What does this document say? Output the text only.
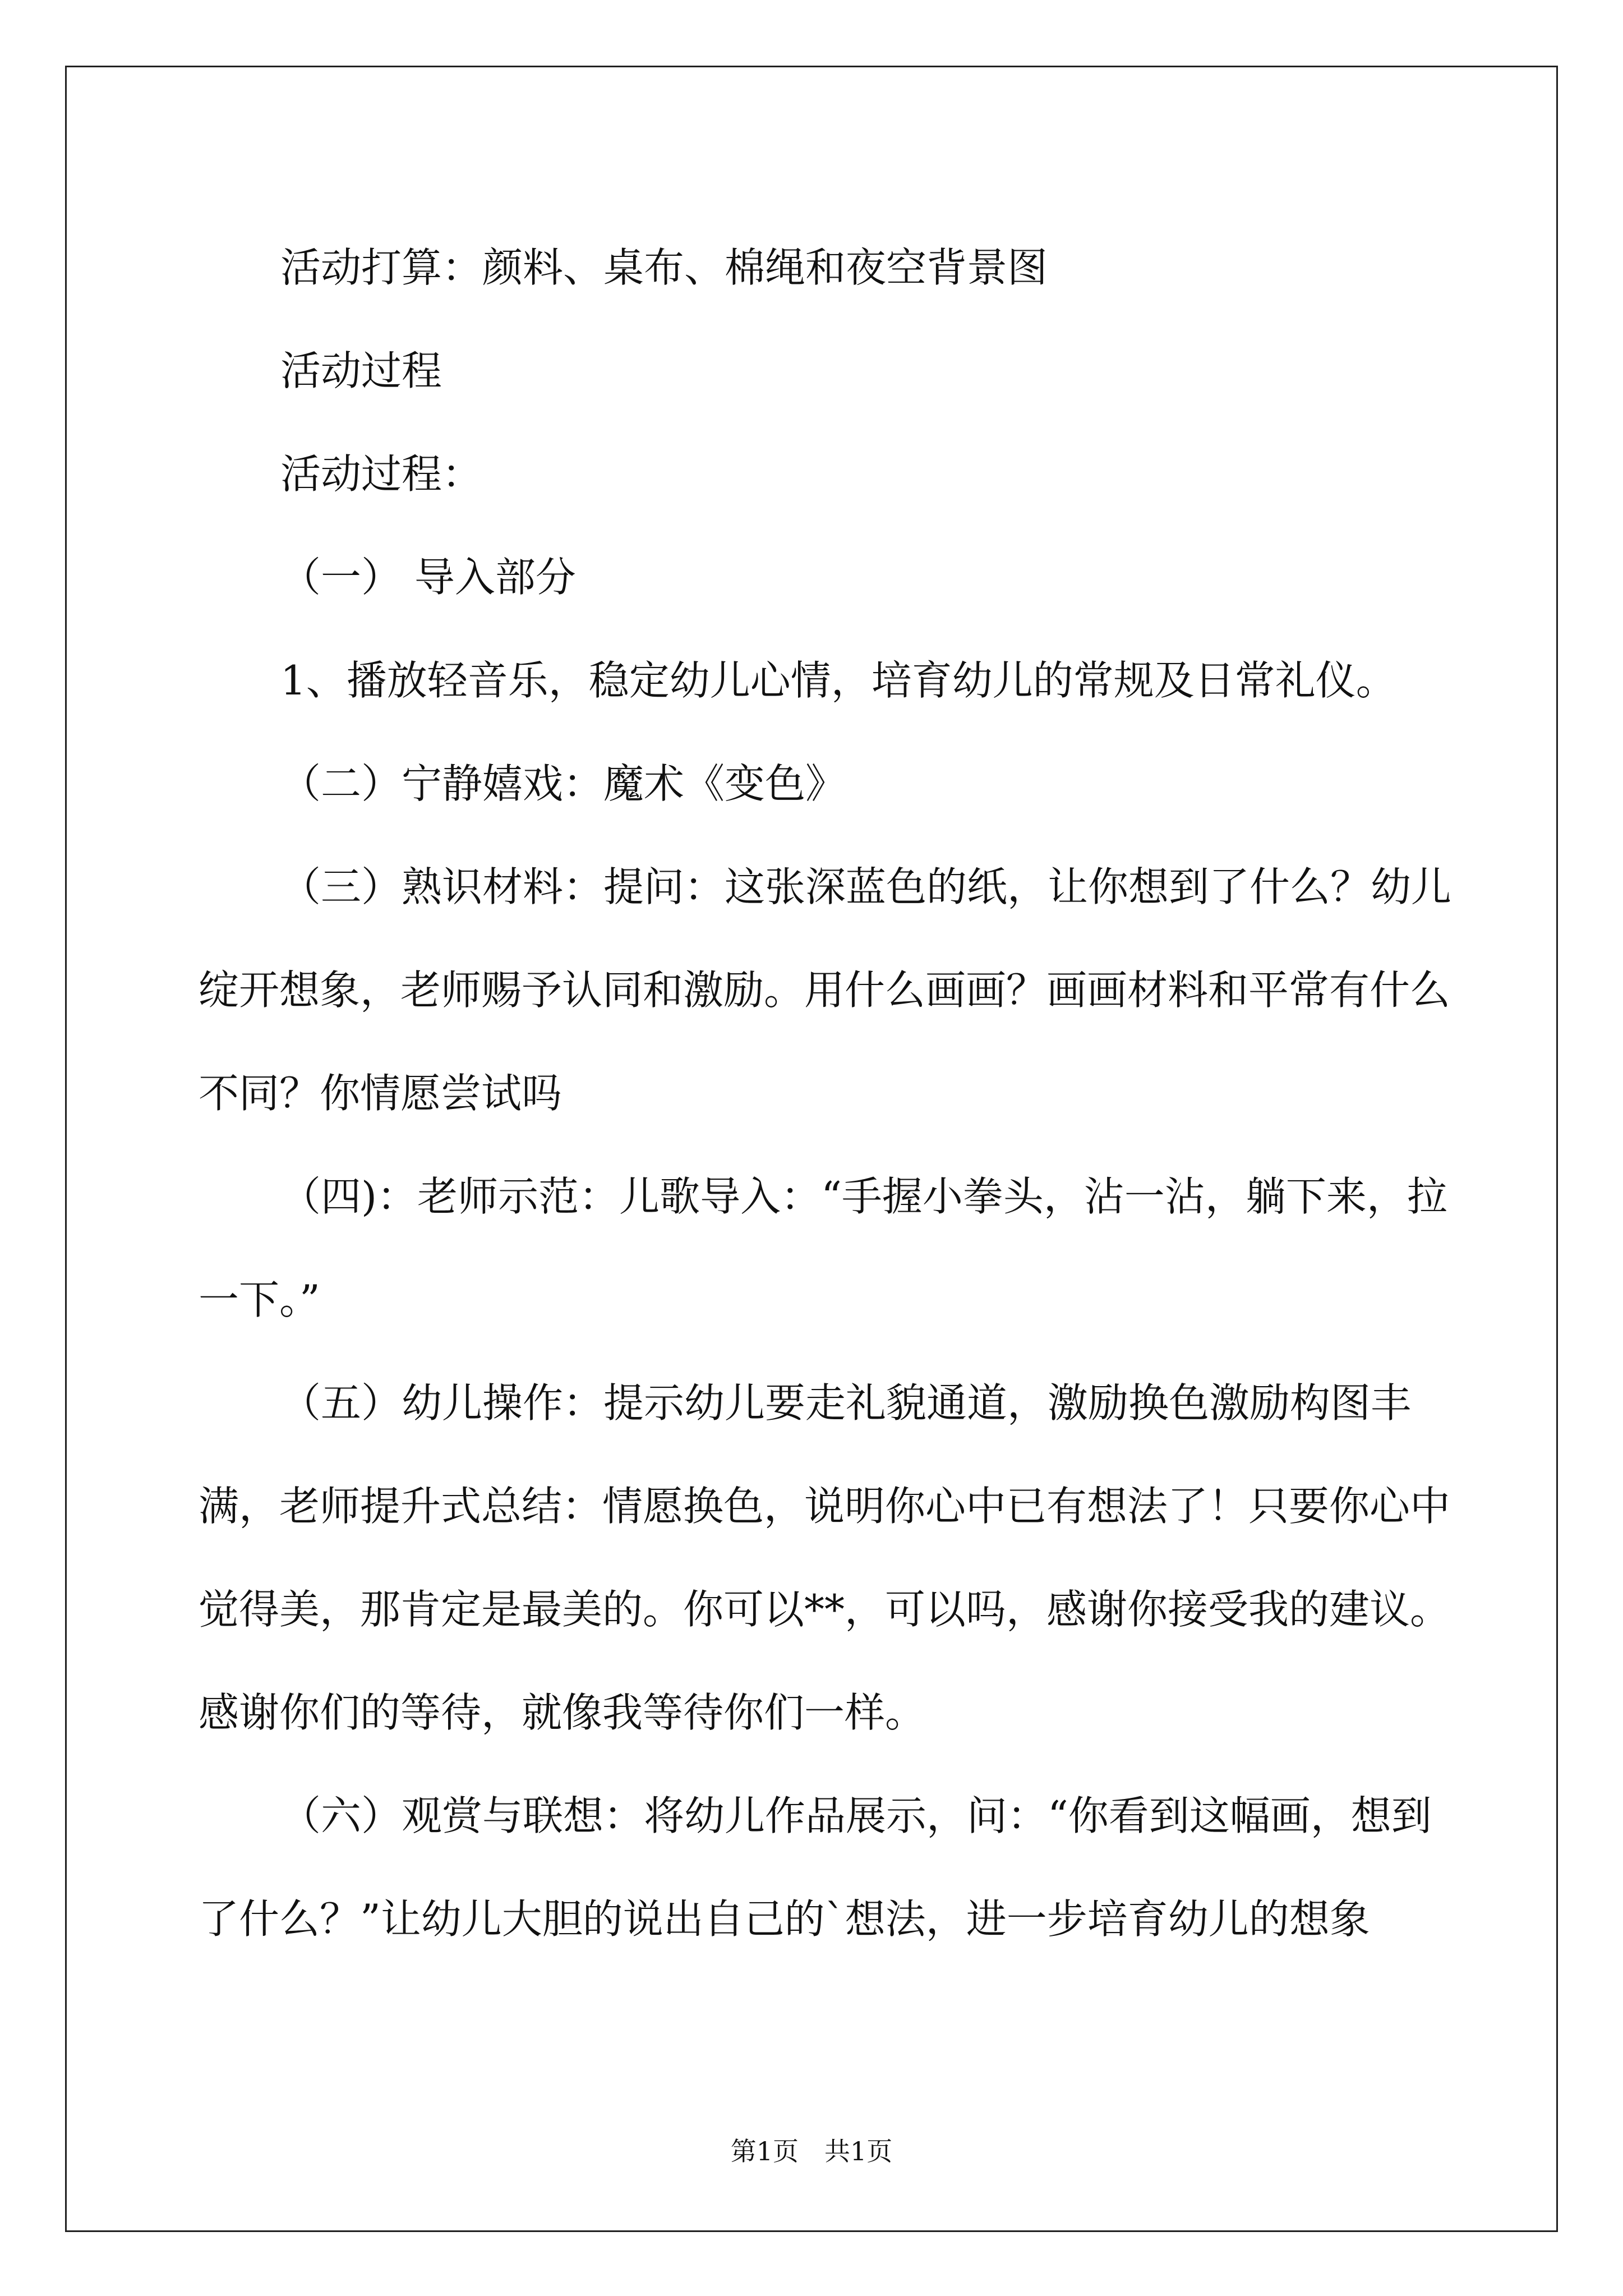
活动打算：颜料、桌布、棉绳和夜空背景图

活动过程

活动过程：

（一） 导入部分

1、播放轻音乐，稳定幼儿心情，培育幼儿的常规及日常礼仪。

（二）宁静嬉戏：魔术《变色》

（三）熟识材料：提问：这张深蓝色的纸，让你想到了什么？幼儿绽开想象，老师赐予认同和激励。用什么画画？画画材料和平常有什么不同？你情愿尝试吗

（四)：老师示范：儿歌导入：“手握小拳头，沾一沾，躺下来，拉一下。”

（五）幼儿操作：提示幼儿要走礼貌通道，激励换色激励构图丰满，老师提升式总结：情愿换色，说明你心中已有想法了！只要你心中觉得美，那肯定是最美的。你可以**，可以吗，感谢你接受我的建议。感谢你们的等待，就像我等待你们一样。

（六）观赏与联想：将幼儿作品展示，问：“你看到这幅画，想到了什么？”让幼儿大胆的说出自己的`想法，进一步培育幼儿的想象

第1页　共1页
